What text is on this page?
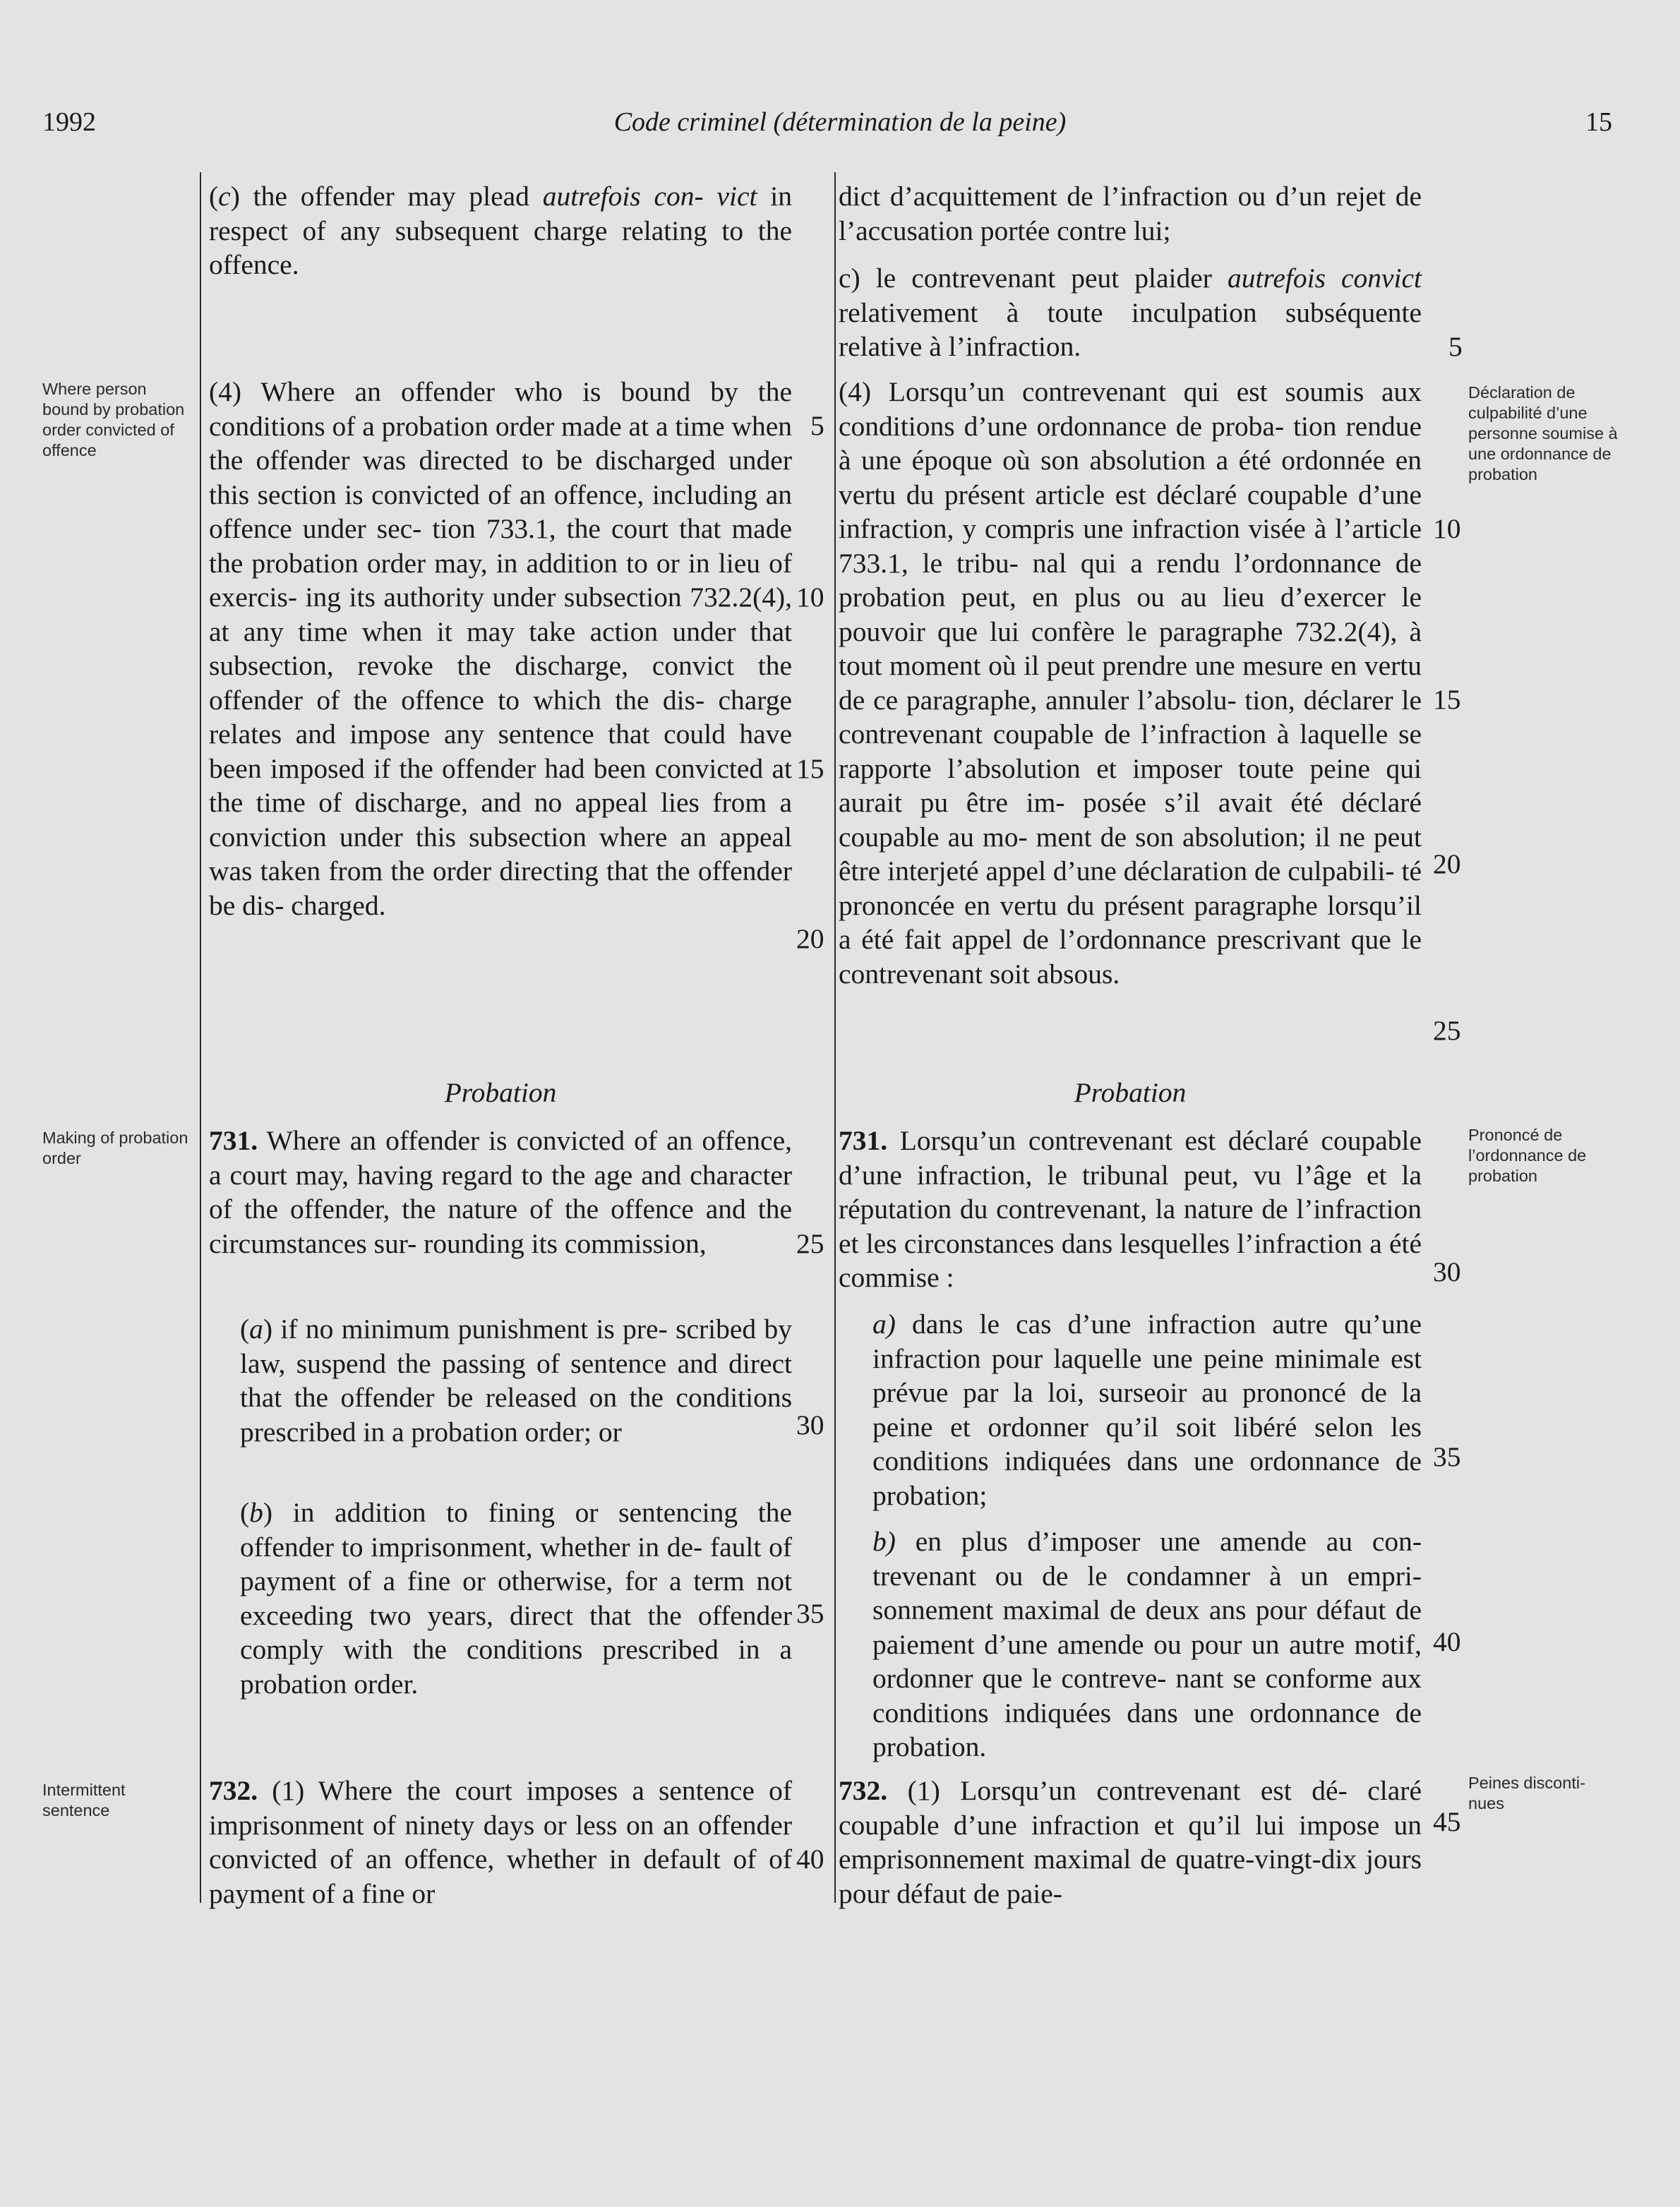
1992	Code criminel (détermination de la peine)	15

(c) the offender may plead autrefois con- vict in respect of any subsequent charge relating to the offence.

(4) Where an offender who is bound by the conditions of a probation order made at a time when the offender was directed to be discharged under this section is convicted of an offence, including an offence under sec- tion 733.1, the court that made the probation order may, in addition to or in lieu of exercis- ing its authority under subsection 732.2(4), at any time when it may take action under that subsection, revoke the discharge, convict the offender of the offence to which the dis- charge relates and impose any sentence that could have been imposed if the offender had been convicted at the time of discharge, and no appeal lies from a conviction under this subsection where an appeal was taken from the order directing that the offender be dis- charged.
Probation
731. Where an offender is convicted of an offence, a court may, having regard to the age and character of the offender, the nature of the offence and the circumstances sur- rounding its commission,
(a) if no minimum punishment is pre- scribed by law, suspend the passing of sentence and direct that the offender be released on the conditions prescribed in a probation order; or
(b) in addition to fining or sentencing the offender to imprisonment, whether in de- fault of payment of a fine or otherwise, for a term not exceeding two years, direct that the offender comply with the conditions prescribed in a probation order.
732. (1) Where the court imposes a sentence of imprisonment of ninety days or less on an offender convicted of an offence, whether in default of of payment of a fine or
dict d’acquittement de l’infraction ou d’un rejet de l’accusation portée contre lui;
c) le contrevenant peut plaider autrefois convict relativement à toute inculpation subséquente relative à l’infraction.
(4) Lorsqu’un contrevenant qui est soumis aux conditions d’une ordonnance de proba- tion rendue à une époque où son absolution a été ordonnée en vertu du présent article est déclaré coupable d’une infraction, y compris une infraction visée à l’article 733.1, le tribu- nal qui a rendu l’ordonnance de probation peut, en plus ou au lieu d’exercer le pouvoir que lui confère le paragraphe 732.2(4), à tout moment où il peut prendre une mesure en vertu de ce paragraphe, annuler l’absolu- tion, déclarer le contrevenant coupable de l’infraction à laquelle se rapporte l’absolution et imposer toute peine qui aurait pu être im- posée s’il avait été déclaré coupable au mo- ment de son absolution; il ne peut être interjeté appel d’une déclaration de culpabili- té prononcée en vertu du présent paragraphe lorsqu’il a été fait appel de l’ordonnance prescrivant que le contrevenant soit absous.
Probation
731. Lorsqu’un contrevenant est déclaré coupable d’une infraction, le tribunal peut, vu l’âge et la réputation du contrevenant, la nature de l’infraction et les circonstances dans lesquelles l’infraction a été commise :
a) dans le cas d’une infraction autre qu’une infraction pour laquelle une peine minimale est prévue par la loi, surseoir au prononcé de la peine et ordonner qu’il soit libéré selon les conditions indiquées dans une ordonnance de probation;
b) en plus d’imposer une amende au con- trevenant ou de le condamner à un empri- sonnement maximal de deux ans pour défaut de paiement d’une amende ou pour un autre motif, ordonner que le contreve- nant se conforme aux conditions indiquées dans une ordonnance de probation.
732. (1) Lorsqu’un contrevenant est dé- claré coupable d’une infraction et qu’il lui impose un emprisonnement maximal de quatre-vingt-dix jours pour défaut de paie-
5
10
15
20
25
30
35
40
5
10
15
20
25
30
35
40
45
Where person bound by probation order convicted of offence
Making of probation order
Intermittent sentence
Déclaration de culpabilité d’une personne soumise à une ordonnance de probation
Prononcé de l’ordonnance de probation
Peines disconti- nues
